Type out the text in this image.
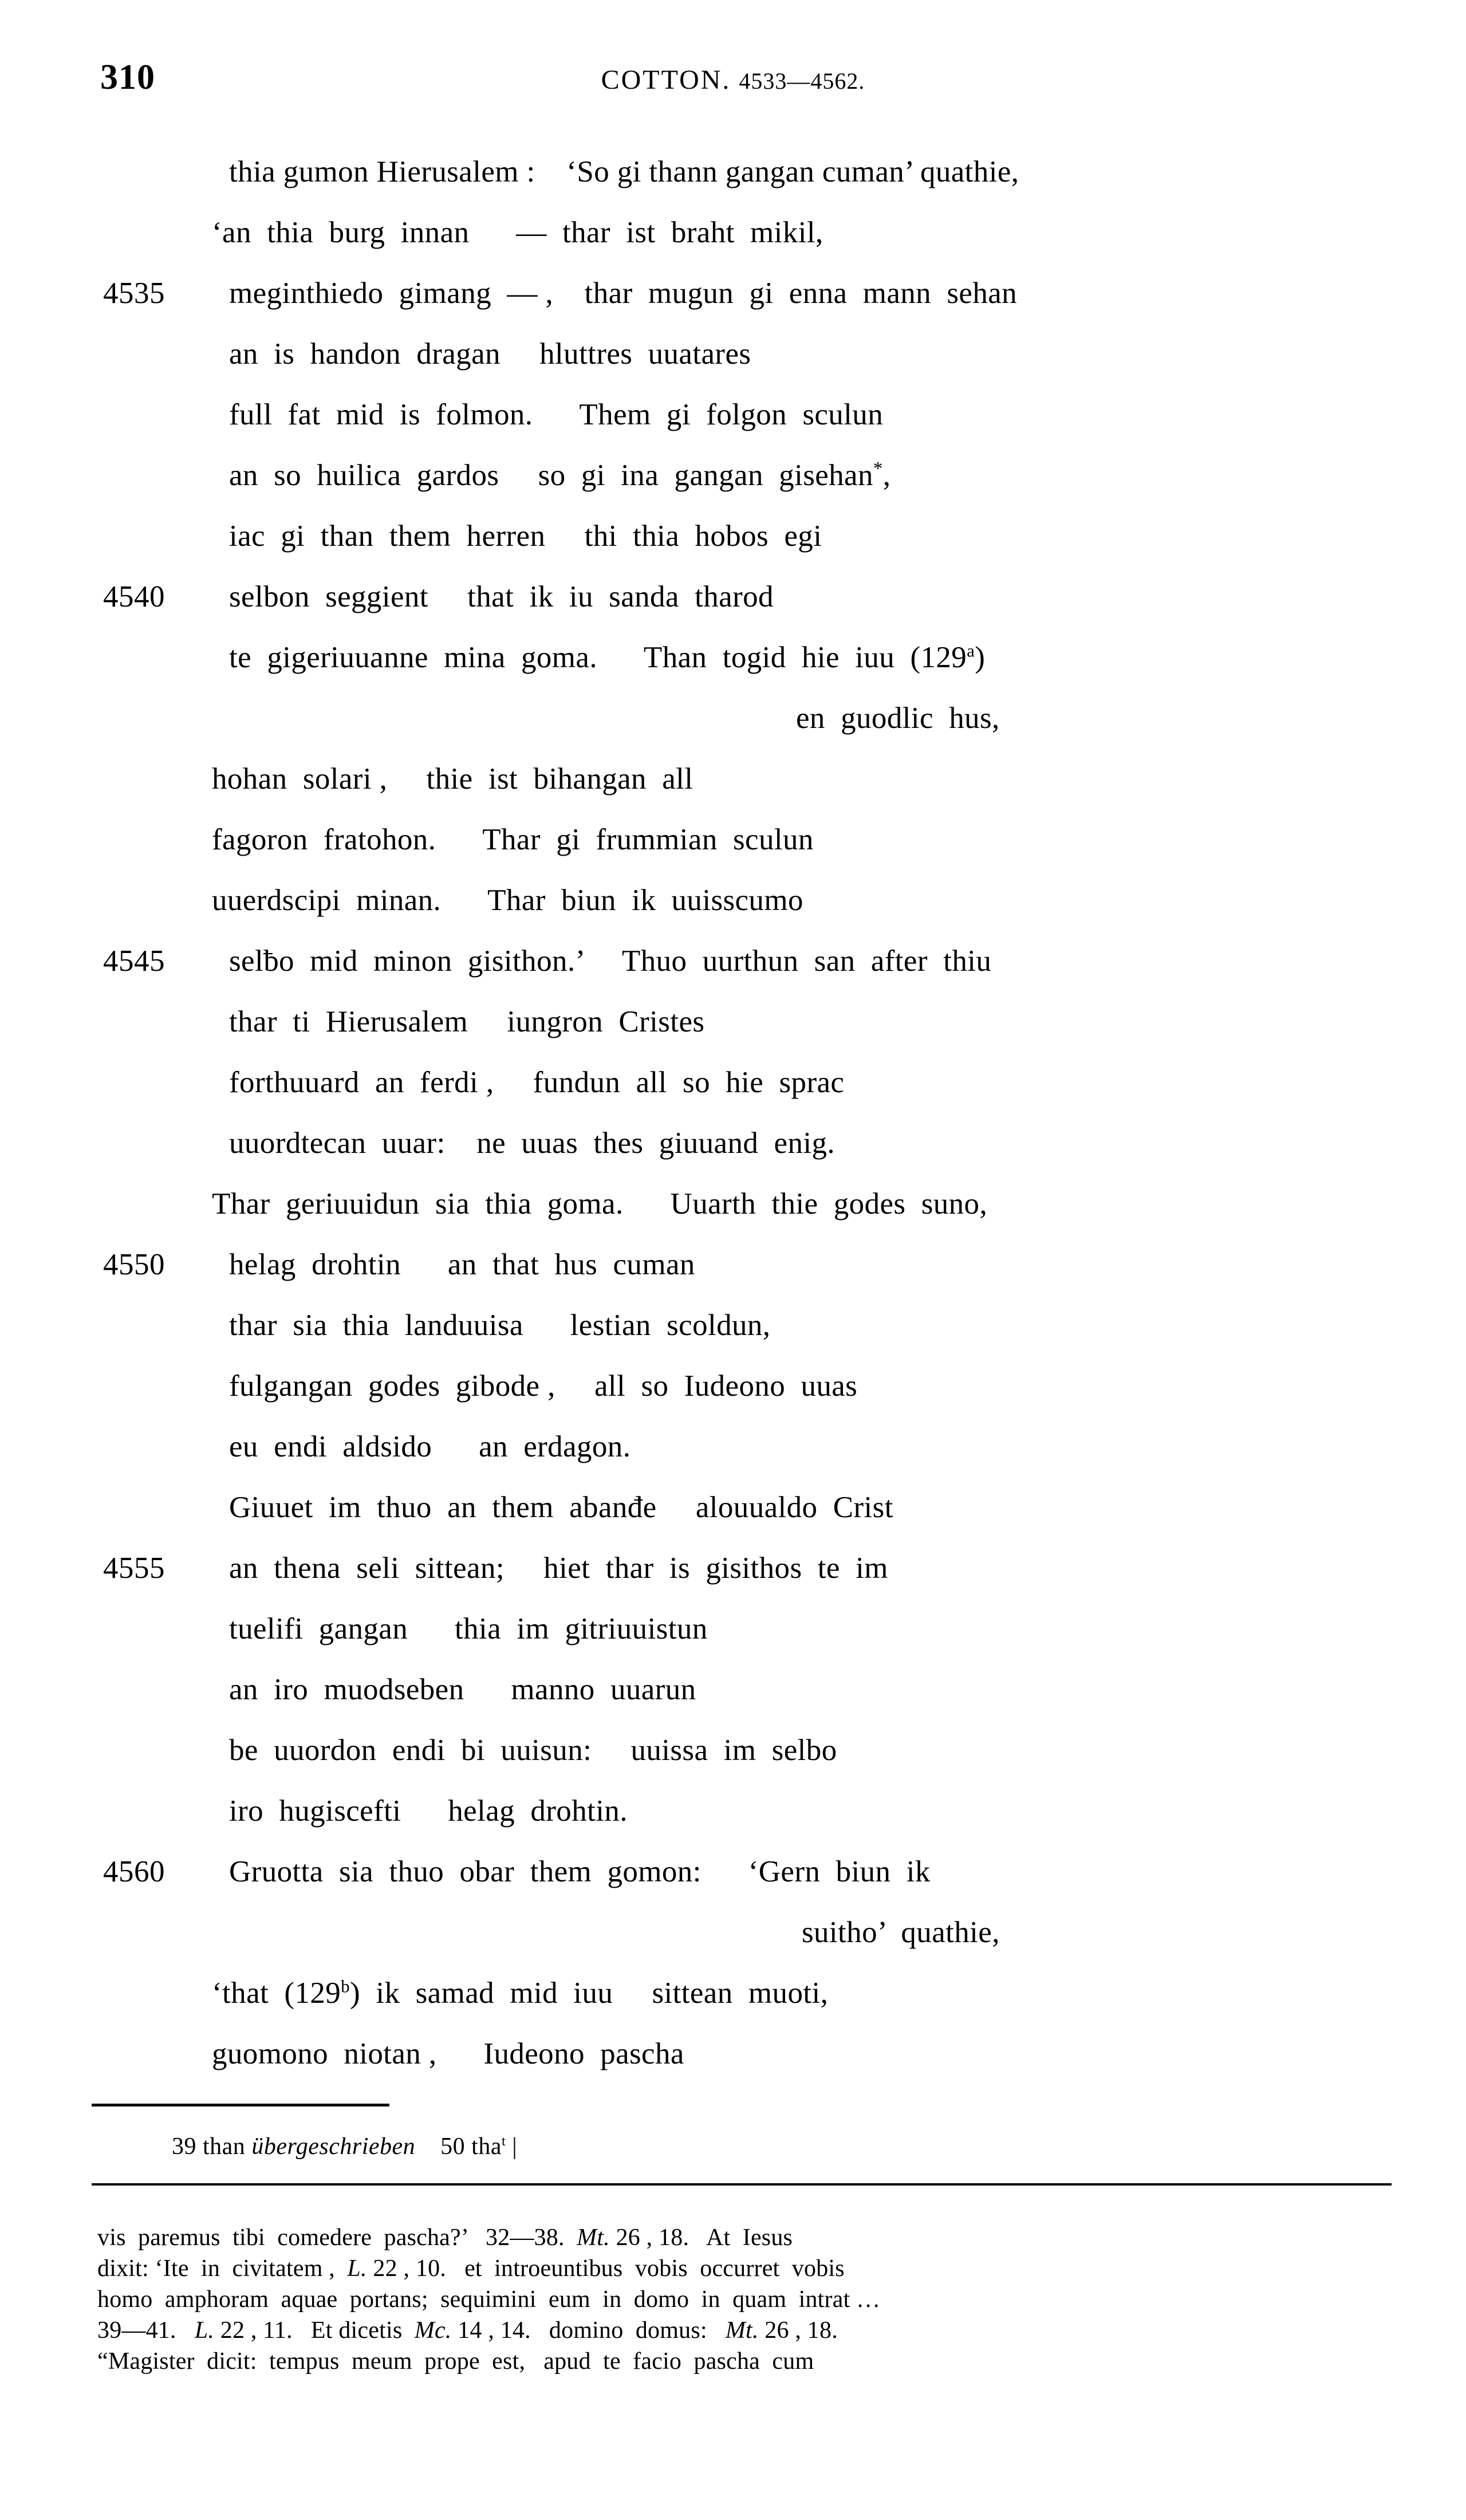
310	COTTON. 4533—4562.

thia gumon Hierusalem :    ‘So gi thann gangan cuman’ quathie,

‘an  thia  burg  innan      —  thar  ist  braht  mikil,

4535

meginthiedo  gimang  — ,    thar  mugun  gi  enna  mann  sehan

an  is  handon  dragan     hluttres  uuatares

full  fat  mid  is  folmon.      Them  gi  folgon  sculun

an  so  huilica  gardos     so  gi  ina  gangan  gisehan*,

iac  gi  than  them  herren     thi  thia  hobos  egi

4540

selbon  seggient     that  ik  iu  sanda  tharod

te  gigeriuuanne  mina  goma.      Than  togid  hie  iuu  (129$^a$)

en  guodlic  hus,

hohan  solari ,     thie  ist  bihangan  all

fagoron  fratohon.      Thar  gi  frummian  sculun

uuerdscipi  minan.      Thar  biun  ik  uuisscumo

4545

selƀo  mid  minon  gisithon.’     Thuo  uurthun  san  after  thiu

thar  ti  Hierusalem     iungron  Cristes

forthuuard  an  ferdi ,     fundun  all  so  hie  sprac

uuordtecan  uuar:    ne  uuas  thes  giuuand  enig.

Thar  geriuuidun  sia  thia  goma.      Uuarth  thie  godes  suno,

4550

helag  drohtin      an  that  hus  cuman

thar  sia  thia  landuuisa      lestian  scoldun,

fulgangan  godes  gibode ,     all  so  Iudeono  uuas

eu  endi  aldsido      an  erdagon.

Giuuet  im  thuo  an  them  abanđe     alouualdo  Crist

4555

an  thena  seli  sittean;     hiet  thar  is  gisithos  te  im

tuelifi  gangan      thia  im  gitriuuistun

an  iro  muodseben      manno  uuarun

be  uuordon  endi  bi  uuisun:     uuissa  im  selbo

iro  hugiscefti      helag  drohtin.

4560

Gruotta  sia  thuo  obar  them  gomon:      ‘Gern  biun  ik

suitho’  quathie,

‘that  (129$^b$)  ik  samad  mid  iuu     sittean  muoti,

guomono  niotan ,      Iudeono  pascha

39 than übergeschrieben 50 tha$^t$ |
vis  paremus  tibi  comedere  pascha?’   32—38.  Mt. 26 , 18.   At  Iesus
dixit: ‘Ite  in  civitatem ,  L. 22 , 10.   et  introeuntibus  vobis  occurret  vobis
homo  amphoram  aquae  portans;  sequimini  eum  in  domo  in  quam  intrat …
39—41.   L. 22 , 11.   Et dicetis  Mc. 14 , 14.   domino  domus:   Mt. 26 , 18.
“Magister  dicit:  tempus  meum  prope  est,   apud  te  facio  pascha  cum
